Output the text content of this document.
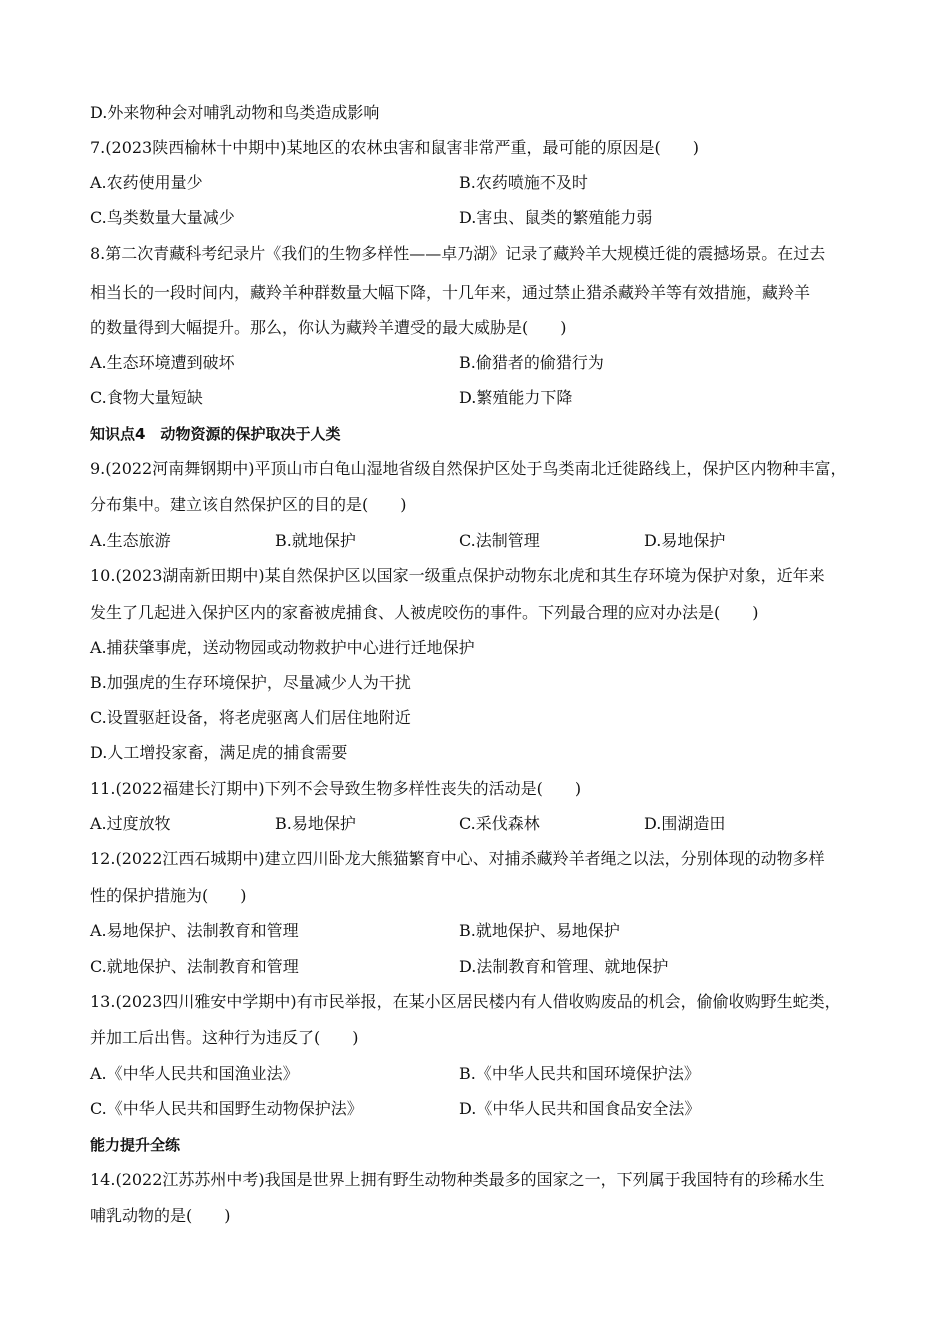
D.外来物种会对哺乳动物和鸟类造成影响
7.(2023陕西榆林十中期中)某地区的农林虫害和鼠害非常严重，最可能的原因是(　　)
A.农药使用量少	B.农药喷施不及时
C.鸟类数量大量减少	D.害虫、鼠类的繁殖能力弱
8.第二次青藏科考纪录片《我们的生物多样性——卓乃湖》记录了藏羚羊大规模迁徙的震撼场景。在过去
相当长的一段时间内，藏羚羊种群数量大幅下降，十几年来，通过禁止猎杀藏羚羊等有效措施，藏羚羊
的数量得到大幅提升。那么，你认为藏羚羊遭受的最大威胁是(　　)
A.生态环境遭到破坏	B.偷猎者的偷猎行为
C.食物大量短缺	D.繁殖能力下降
知识点4　动物资源的保护取决于人类
9.(2022河南舞钢期中)平顶山市白龟山湿地省级自然保护区处于鸟类南北迁徙路线上，保护区内物种丰富，
分布集中。建立该自然保护区的目的是(　　)
A.生态旅游	B.就地保护	C.法制管理	D.易地保护
10.(2023湖南新田期中)某自然保护区以国家一级重点保护动物东北虎和其生存环境为保护对象，近年来
发生了几起进入保护区内的家畜被虎捕食、人被虎咬伤的事件。下列最合理的应对办法是(　　)
A.捕获肇事虎，送动物园或动物救护中心进行迁地保护
B.加强虎的生存环境保护，尽量减少人为干扰
C.设置驱赶设备，将老虎驱离人们居住地附近
D.人工增投家畜，满足虎的捕食需要
11.(2022福建长汀期中)下列不会导致生物多样性丧失的活动是(　　)
A.过度放牧	B.易地保护	C.采伐森林	D.围湖造田
12.(2022江西石城期中)建立四川卧龙大熊猫繁育中心、对捕杀藏羚羊者绳之以法，分别体现的动物多样
性的保护措施为(　　)
A.易地保护、法制教育和管理	B.就地保护、易地保护
C.就地保护、法制教育和管理	D.法制教育和管理、就地保护
13.(2023四川雅安中学期中)有市民举报，在某小区居民楼内有人借收购废品的机会，偷偷收购野生蛇类，
并加工后出售。这种行为违反了(　　)
A.《中华人民共和国渔业法》	B.《中华人民共和国环境保护法》
C.《中华人民共和国野生动物保护法》	D.《中华人民共和国食品安全法》
能力提升全练
14.(2022江苏苏州中考)我国是世界上拥有野生动物种类最多的国家之一，下列属于我国特有的珍稀水生
哺乳动物的是(　　)
